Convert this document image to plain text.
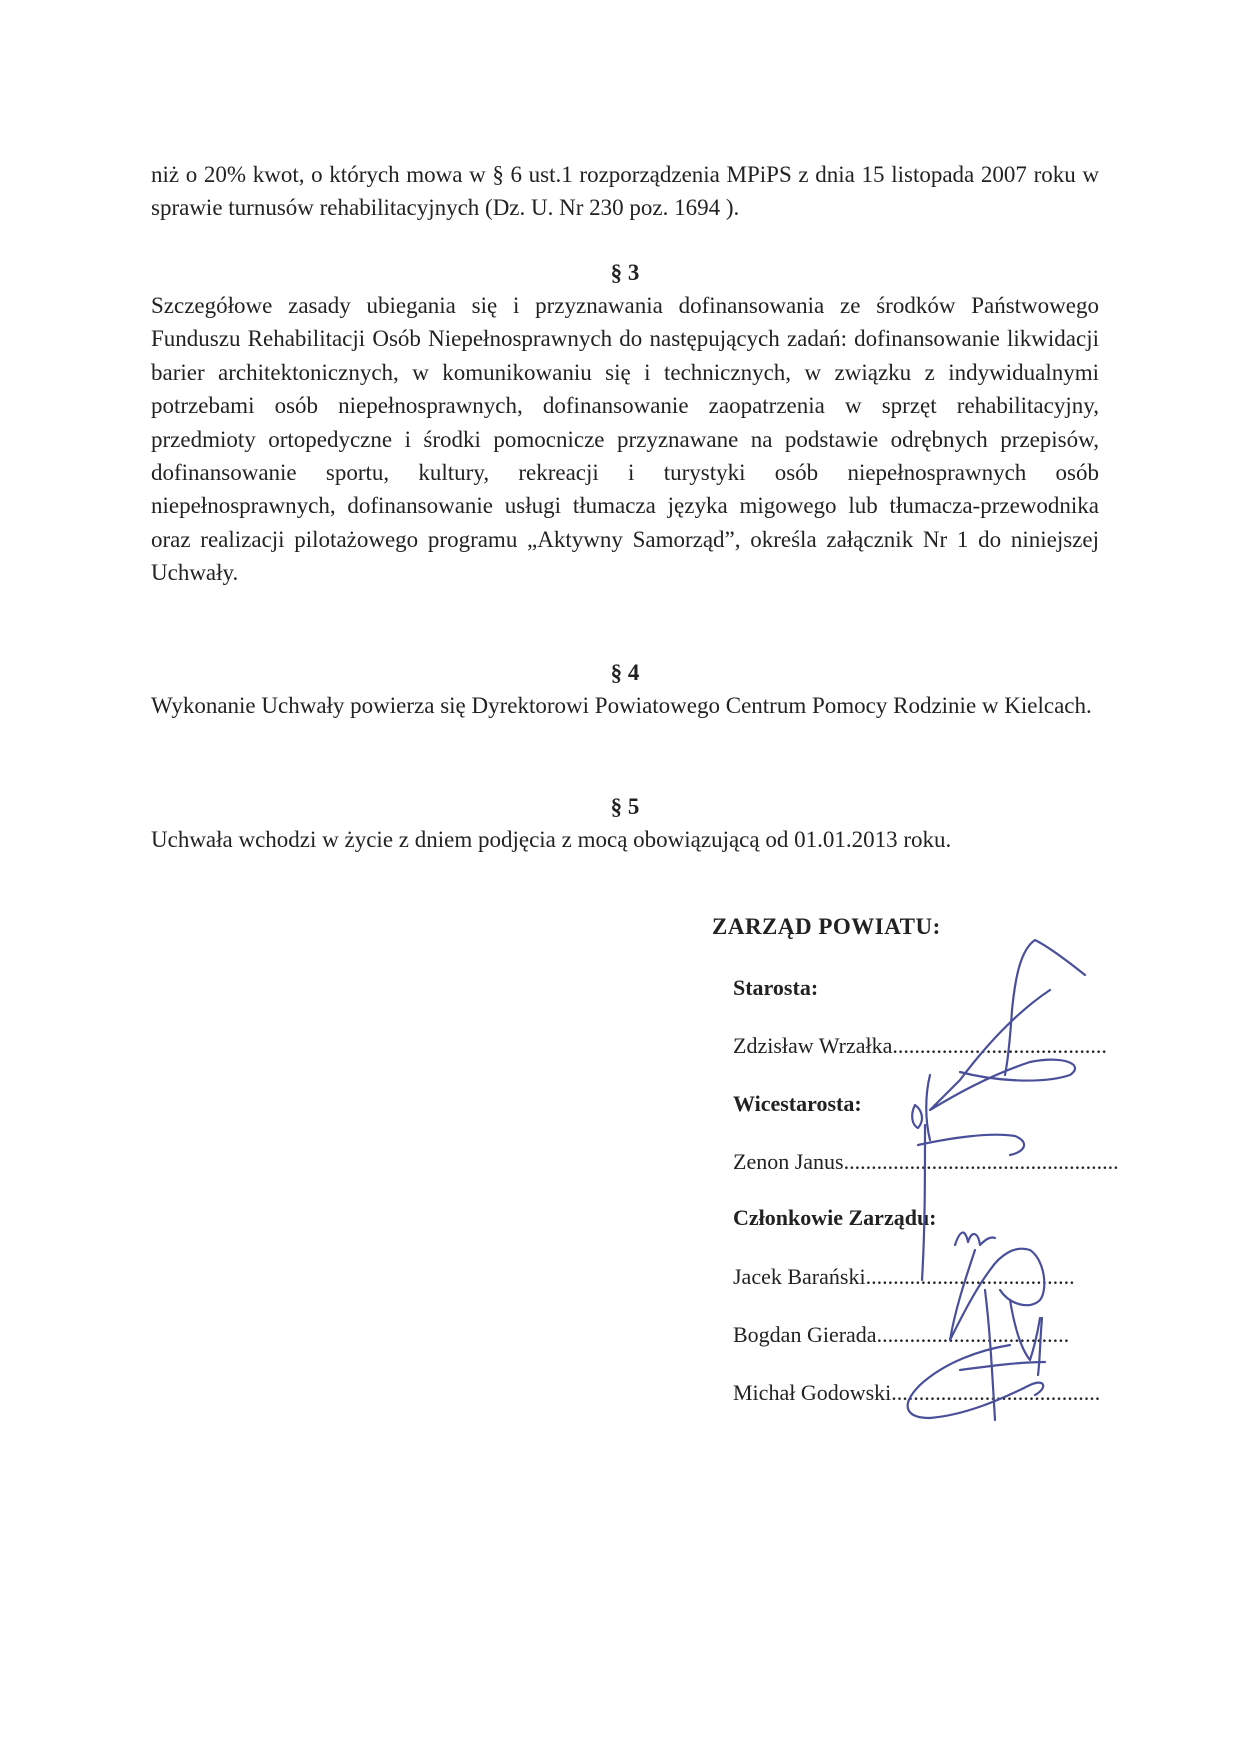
niż o 20% kwot, o których mowa w § 6 ust.1 rozporządzenia MPiPS z dnia 15 listopada 2007 roku w sprawie turnusów rehabilitacyjnych (Dz. U. Nr 230 poz. 1694 ).

§ 3

Szczegółowe zasady ubiegania się i przyznawania dofinansowania ze środków Państwowego Funduszu Rehabilitacji Osób Niepełnosprawnych do następujących zadań: dofinansowanie likwidacji barier architektonicznych, w komunikowaniu się i technicznych, w związku z indywidualnymi potrzebami osób niepełnosprawnych, dofinansowanie zaopatrzenia w sprzęt rehabilitacyjny, przedmioty ortopedyczne i środki pomocnicze przyznawane na podstawie odrębnych przepisów, dofinansowanie sportu, kultury, rekreacji i turystyki osób niepełnosprawnych osób niepełnosprawnych, dofinansowanie usługi tłumacza języka migowego lub tłumacza-przewodnika oraz realizacji pilotażowego programu „Aktywny Samorząd”, określa załącznik Nr 1 do niniejszej Uchwały.

§ 4

Wykonanie Uchwały powierza się Dyrektorowi Powiatowego Centrum Pomocy Rodzinie w Kielcach.

§ 5

Uchwała wchodzi w życie z dniem podjęcia z mocą obowiązującą od 01.01.2013 roku.

ZARZĄD POWIATU:
Starosta:
Zdzisław Wrzałka.......................................
Wicestarosta:
Zenon Janus..................................................
Członkowie Zarządu:
Jacek Barański......................................
Bogdan Gierada...................................
Michał Godowski......................................
